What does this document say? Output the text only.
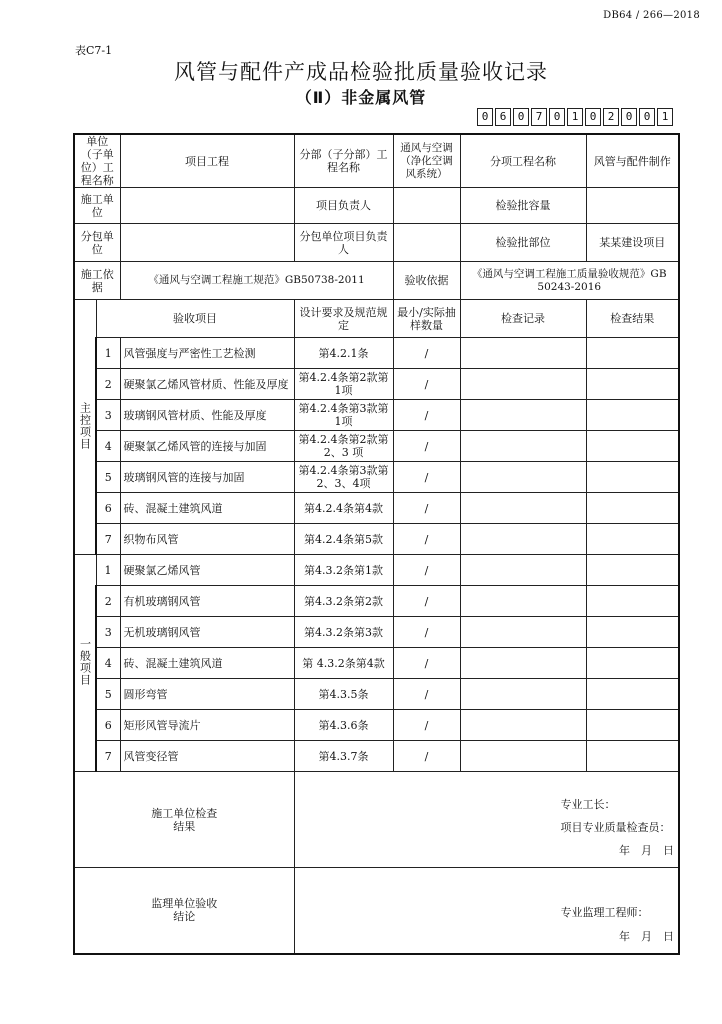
DB64 / 266—2018
表C7-1
风管与配件产成品检验批质量验收记录
（Ⅱ）非金属风管
0	6	0	7	0	1	0	2	0	0	1
单位（子单位）工程名称		项目工程	分部（子分部）工程名称	通风与空调（净化空调风系统）	分项工程名称	风管与配件制作
施工单位			项目负责人		检验批容量	
分包单位			分包单位项目负责人		检验批部位	某某建设项目
施工依据		《通风与空调工程施工规范》GB50738-2011		验收依据	《通风与空调工程施工质量验收规范》GB 50243-2016	
主控项目	验收项目		设计要求及规范规定	最小/实际抽样数量	检查记录	检查结果
	1	风管强度与严密性工艺检测	第4.2.1条	/		
	2	硬聚氯乙烯风管材质、性能及厚度	第4.2.4条第2款第1项	/		
	3	玻璃钢风管材质、性能及厚度	第4.2.4条第3款第1项	/		
	4	硬聚氯乙烯风管的连接与加固	第4.2.4条第2款第2、3 项	/		
	5	玻璃钢风管的连接与加固	第4.2.4条第3款第2、3、4项	/		
	6	砖、混凝土建筑风道	第4.2.4条第4款	/		
	7	织物布风管	第4.2.4条第5款	/		
一般项目	1	硬聚氯乙烯风管	第4.3.2条第1款	/		
	2	有机玻璃钢风管	第4.3.2条第2款	/		
	3	无机玻璃钢风管	第4.3.2条第3款	/		
	4	砖、混凝土建筑风道	第 4.3.2条第4款	/		
	5	圆形弯管	第4.3.5条	/		
	6	矩形风管导流片	第4.3.6条	/		
	7	风管变径管	第4.3.7条	/		

施工单位检查结果			专业工长：
项目专业质量检查员：
年　月　日			

监理单位验收结论			专业监理工程师：
年　月　日			
